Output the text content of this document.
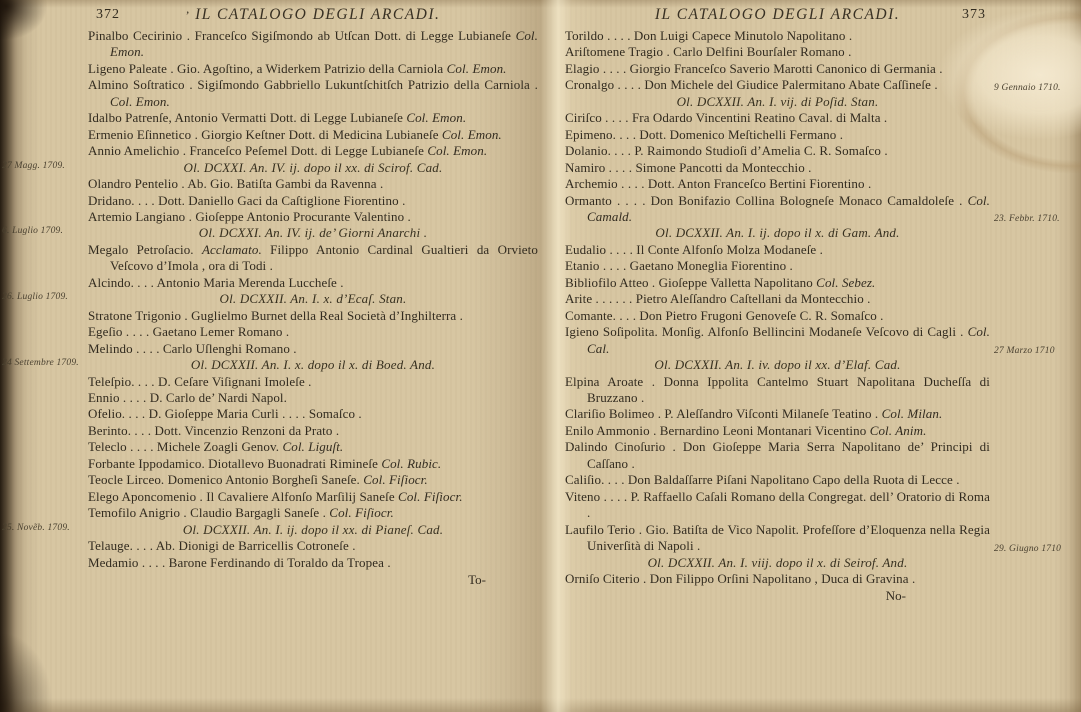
372	’ IL CATALOGO DEGLI ARCADI.
Pinalbo Cecirinio . Franceſco Sigiſmondo ab Utſcan Dott. di Legge Lubianeſe Col. Emon.
Ligeno Paleate . Gio. Agoſtino, a Widerkem Patrizio della Carniola Col. Emon.
Almino Soſtratico . Sigiſmondo Gabbriello Lukuntſchitſch Patrizio della Carniola . Col. Emon.
Idalbo Patrenſe, Antonio Vermatti Dott. di Legge Lubianeſe Col. Emon.
Ermenio Eſinnetico . Giorgio Keſtner Dott. di Medicina Lubianeſe Col. Emon.
Annio Amelichio . Franceſco Peſemel Dott. di Legge Lubianeſe Col. Emon.
Ol. DCXXI. An. IV. ij. dopo il xx. di Scirof. Cad.
27 Magg. 1709.
Olandro Pentelio . Ab. Gio. Batiſta Gambi da Ravenna .
Dridano. . . . Dott. Daniello Gaci da Caſtiglione Fiorentino .
Artemio Langiano . Gioſeppe Antonio Procurante Valentino .
Ol. DCXXI. An. IV. ij. de’ Giorni Anarchi .
6. Luglio 1709.
Megalo Petroſacio. Acclamato. Filippo Antonio Cardinal Gualtieri da Orvieto Veſcovo d’Imola , ora di Todi .
Alcindo. . . . Antonio Maria Merenda Luccheſe .
Ol. DCXXII. An. I. x. d’Ecaſ. Stan.
26. Luglio 1709.
Stratone Trigonio . Guglielmo Burnet della Real Società d’Inghilterra .
Egeſio . . . . Gaetano Lemer Romano .
Melindo . . . . Carlo Uſlenghi Romano .
Ol. DCXXII. An. I. x. dopo il x. di Boed. And.
24 Settembre 1709.
Teleſpio. . . . D. Ceſare Viſignani Imoleſe .
Ennio . . . . D. Carlo de’ Nardi Napol.
Ofelio. . . . D. Gioſeppe Maria Curli . . . . Somaſco .
Berinto. . . . Dott. Vincenzio Renzoni da Prato .
Teleclo . . . . Michele Zoagli Genov. Col. Liguſt.
Forbante Ippodamico. Diotallevo Buonadrati Rimineſe Col. Rubic.
Teocle Lirceo. Domenico Antonio Borgheſi Saneſe. Col. Fiſiocr.
Elego Aponcomenio . Il Cavaliere Alfonſo Marſilij Saneſe Col. Fiſiocr.
Temofilo Anigrio . Claudio Bargagli Saneſe . Col. Fiſiocr.
Ol. DCXXII. An. I. ij. dopo il xx. di Pianeſ. Cad.
25. Novẽb. 1709.
Telauge. . . . Ab. Dionigi de Barricellis Cotroneſe .
Medamio . . . . Barone Ferdinando di Toraldo da Tropea .
To-
IL CATALOGO DEGLI ARCADI.	373
Torildo . . . . Don Luigi Capece Minutolo Napolitano .
Ariſtomene Tragio . Carlo Delfini Bourſaler Romano .
Elagio . . . . Giorgio Franceſco Saverio Marotti Canonico di Germania .
Cronalgo . . . . Don Michele del Giudice Palermitano Abate Caſſineſe .
Ol. DCXXII. An. I. vij. di Poſid. Stan.
9 Gennaio 1710.
Ciriſco . . . . Fra Odardo Vincentini Reatino Caval. di Malta .
Epimeno. . . . Dott. Domenico Meſtichelli Fermano .
Dolanio. . . . P. Raimondo Studioſi d’Amelia C. R. Somaſco .
Namiro . . . . Simone Pancotti da Montecchio .
Archemio . . . . Dott. Anton Franceſco Bertini Fiorentino .
Ormanto . . . . Don Bonifazio Collina Bologneſe Monaco Camaldoleſe . Col. Camald.
Ol. DCXXII. An. I. ij. dopo il x. di Gam. And.
23. Febbr. 1710.
Eudalio . . . . Il Conte Alfonſo Molza Modaneſe .
Etanio . . . . Gaetano Moneglia Fiorentino .
Bibliofilo Atteo . Gioſeppe Valletta Napolitano Col. Sebez.
Arite . . . . . . Pietro Aleſſandro Caſtellani da Montecchio .
Comante. . . . Don Pietro Frugoni Genoveſe C. R. Somaſco .
Igieno Soſipolita. Monſig. Alfonſo Bellincini Modaneſe Veſcovo di Cagli . Col. Cal.
Ol. DCXXII. An. I. iv. dopo il xx. d’Elaf. Cad.
27 Marzo 1710
Elpina Aroate . Donna Ippolita Cantelmo Stuart Napolitana Ducheſſa di Bruzzano .
Clariſio Bolimeo . P. Aleſſandro Viſconti Milaneſe Teatino . Col. Milan.
Enilo Ammonio . Bernardino Leoni Montanari Vicentino Col. Anim.
Dalindo Cinoſurio . Don Gioſeppe Maria Serra Napolitano de’ Principi di Caſſano .
Caliſio. . . . Don Baldaſſarre Piſani Napolitano Capo della Ruota di Lecce .
Viteno . . . . P. Raffaello Caſali Romano della Congregat. dell’ Oratorio di Roma .
Laufilo Terio . Gio. Batiſta de Vico Napolit. Profeſſore d’Eloquenza nella Regia Univerſità di Napoli .
Ol. DCXXII. An. I. viij. dopo il x. di Seirof. And.
29. Giugno 1710
Orniſo Citerio . Don Filippo Orſini Napolitano , Duca di Gravina .
No-
